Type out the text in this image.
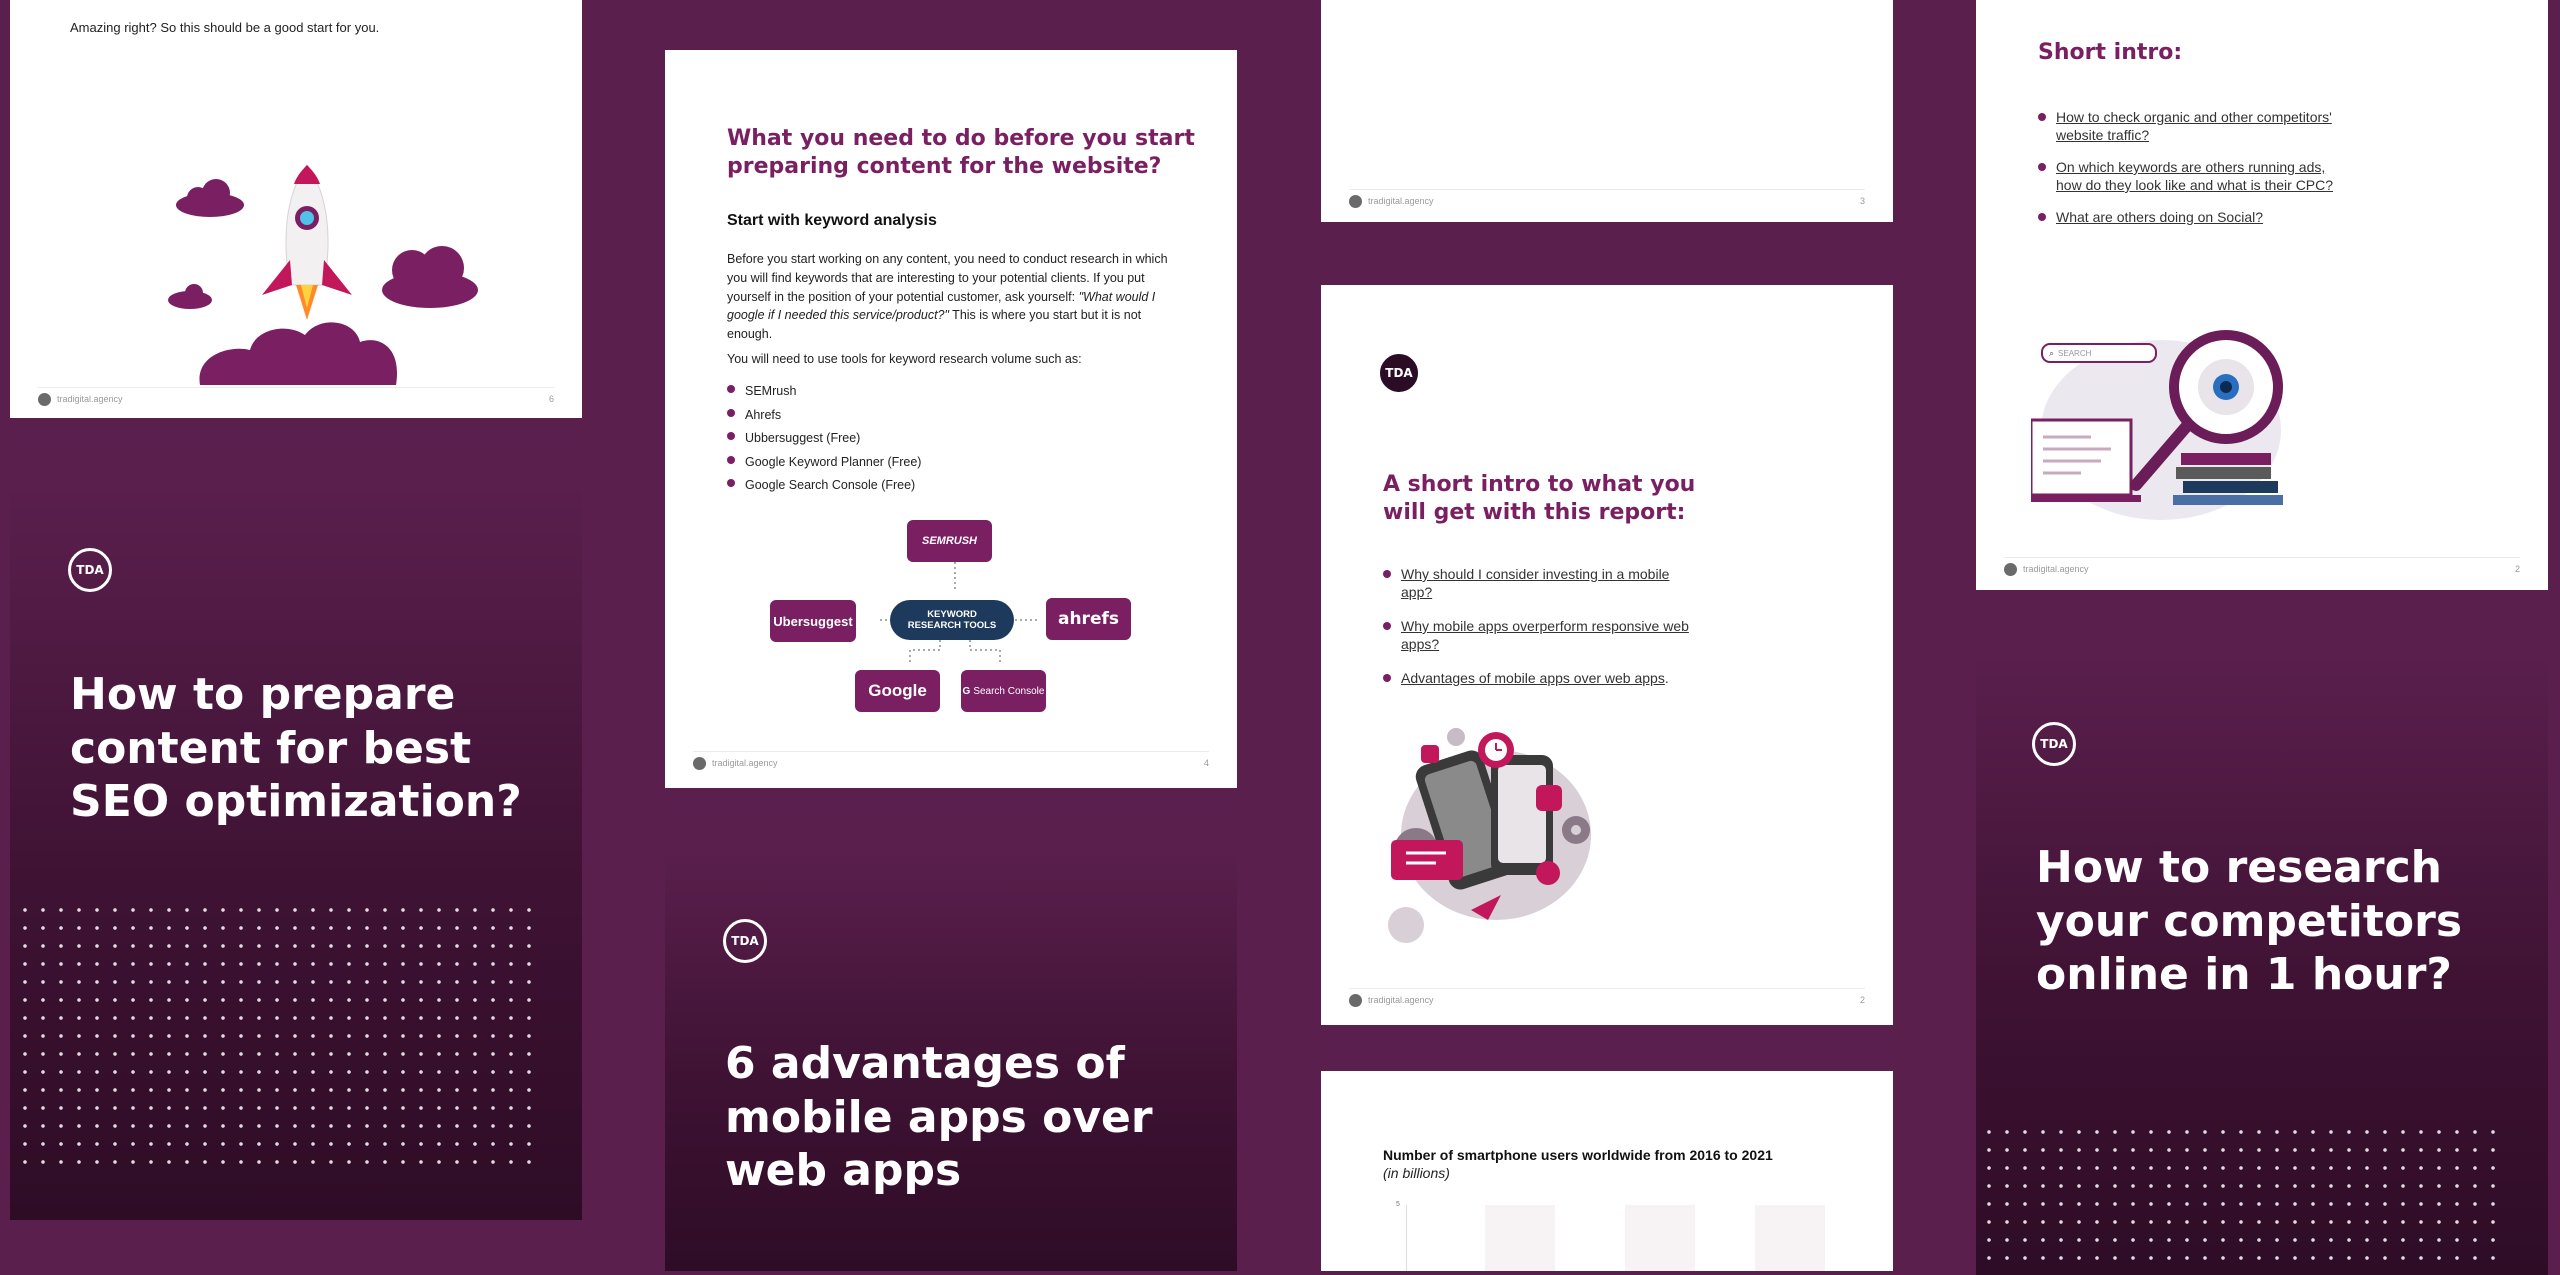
Amazing right? So this should be a good start for you.
tradigital.agency	6
TDA
How to prepare
content for best
SEO optimization?
What you need to do before you start
preparing content for the website?
Start with keyword analysis
Before you start working on any content, you need to conduct research in which you will find keywords that are interesting to your potential clients. If you put yourself in the position of your potential customer, ask yourself: "What would I google if I needed this service/product?" This is where you start but it is not enough.
You will need to use tools for keyword research volume such as:
SEMrush
Ahrefs
Ubbersuggest (Free)
Google Keyword Planner (Free)
Google Search Console (Free)
SEMRUSH
Ubersuggest	KEYWORD
RESEARCH TOOLS	ahrefs
Google	G Search Console
tradigital.agency	4
TDA
6 advantages of
mobile apps over
web apps
tradigital.agency	3
TDA
A short intro to what you
will get with this report:
Why should I consider investing in a mobile
app?
Why mobile apps overperform responsive web
apps?
Advantages of mobile apps over web apps.
tradigital.agency	2
Number of smartphone users worldwide from 2016 to 2021
(in billions)
5
Short intro:
How to check organic and other competitors'
website traffic?
On which keywords are others running ads,
how do they look like and what is their CPC?
What are others doing on Social?
⌕ SEARCH
tradigital.agency	2
TDA
How to research
your competitors
online in 1 hour?
